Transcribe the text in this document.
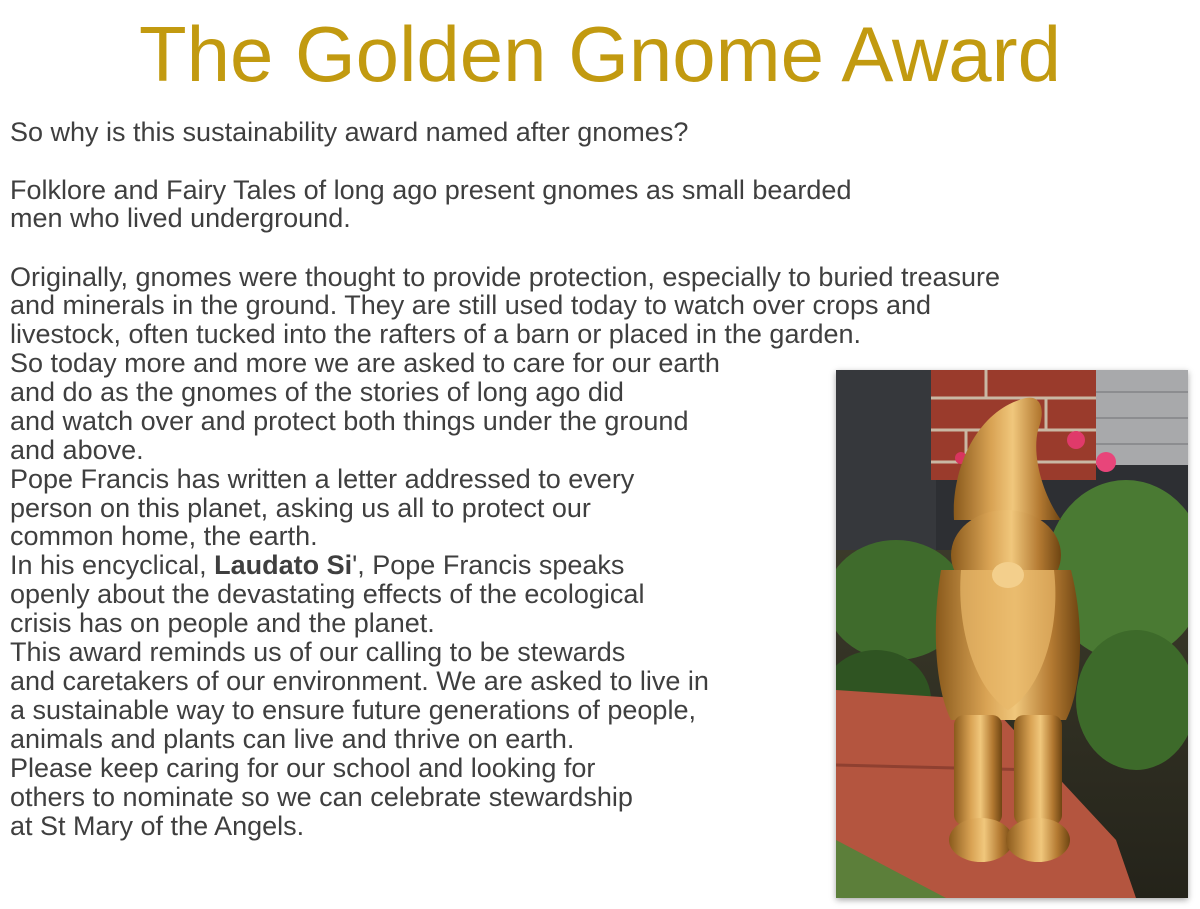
The Golden Gnome Award

So why is this sustainability award named after gnomes?

Folklore and Fairy Tales of long ago present gnomes as small bearded

men who lived underground.

Originally, gnomes were thought to provide protection, especially to buried treasure

and minerals in the ground. They are still used today to watch over crops and

livestock, often tucked into the rafters of a barn or placed in the garden.

So today more and more we are asked to care for our earth

and do as the gnomes of the stories of long ago did

and watch over and protect both things under the ground

and above.

Pope Francis has written a letter addressed to every

person on this planet, asking us all to protect our

common home, the earth.

In his encyclical, Laudato Si', Pope Francis speaks

openly about the devastating effects of the ecological

crisis has on people and the planet.

This award reminds us of our calling to be stewards

and caretakers of our environment. We are asked to live in

a sustainable way to ensure future generations of people,

animals and plants can live and thrive on earth.

Please keep caring for our school and looking for

others to nominate so we can celebrate stewardship

at St Mary of the Angels.
